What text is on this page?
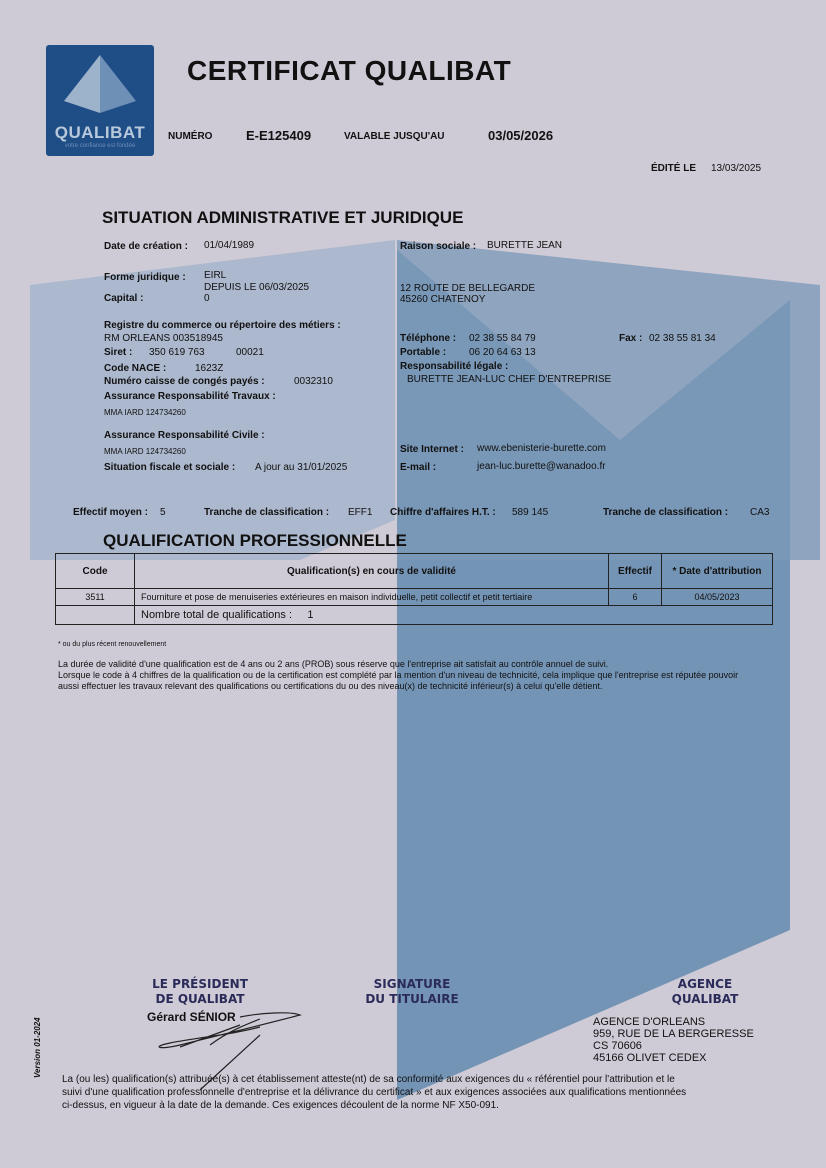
QUALIBAT
votre confiance est fondée
CERTIFICAT QUALIBAT
NUMÉRO	E-E125409	VALABLE JUSQU'AU	03/05/2026
ÉDITÉ LE 13/03/2025
SITUATION ADMINISTRATIVE ET JURIDIQUE
Date de création : 01/04/1989
Forme juridique : EIRL
DEPUIS LE 06/03/2025
Capital :	0
Registre du commerce ou répertoire des métiers :
RM ORLEANS 003518945
Siret : 350 619 763	00021
Code NACE :	1623Z
Numéro caisse de congés payés :	0032310
Assurance Responsabilité Travaux :
MMA IARD 124734260
Assurance Responsabilité Civile :
MMA IARD 124734260
Situation fiscale et sociale : A jour au 31/01/2025
Raison sociale : BURETTE JEAN
12 ROUTE DE BELLEGARDE
45260 CHATENOY
Téléphone : 02 38 55 84 79	Fax : 02 38 55 81 34
Portable : 06 20 64 63 13
Responsabilité légale :
BURETTE JEAN-LUC CHEF D'ENTREPRISE
Site Internet : www.ebenisterie-burette.com
E-mail :	jean-luc.burette@wanadoo.fr
Effectif moyen : 5	Tranche de classification : EFF1 Chiffre d'affaires H.T. : 589 145	Tranche de classification : CA3
QUALIFICATION PROFESSIONNELLE
Code	Qualification(s) en cours de validité	Effectif	* Date d'attribution
3511	Fourniture et pose de menuiseries extérieures en maison individuelle, petit collectif et petit tertiaire	6	04/05/2023
	Nombre total de qualifications : 1		
* ou du plus récent renouvellement
La durée de validité d'une qualification est de 4 ans ou 2 ans (PROB) sous réserve que l'entreprise ait satisfait au contrôle annuel de suivi.
Lorsque le code à 4 chiffres de la qualification ou de la certification est complété par la mention d'un niveau de technicité, cela implique que l'entreprise est réputée pouvoir
aussi effectuer les travaux relevant des qualifications ou certifications du ou des niveau(x) de technicité inférieur(s) à celui qu'elle détient.
LE PRÉSIDENT
DE QUALIBAT
Gérard SÉNIOR
SIGNATURE
DU TITULAIRE
AGENCE
QUALIBAT
AGENCE D'ORLEANS
959, RUE DE LA BERGERESSE
CS 70606
45166 OLIVET CEDEX
Version 01-2024
La (ou les) qualification(s) attribuée(s) à cet établissement atteste(nt) de sa conformité aux exigences du « référentiel pour l'attribution et le
suivi d'une qualification professionnelle d'entreprise et la délivrance du certificat » et aux exigences associées aux qualifications mentionnées
ci-dessus, en vigueur à la date de la demande. Ces exigences découlent de la norme NF X50-091.
